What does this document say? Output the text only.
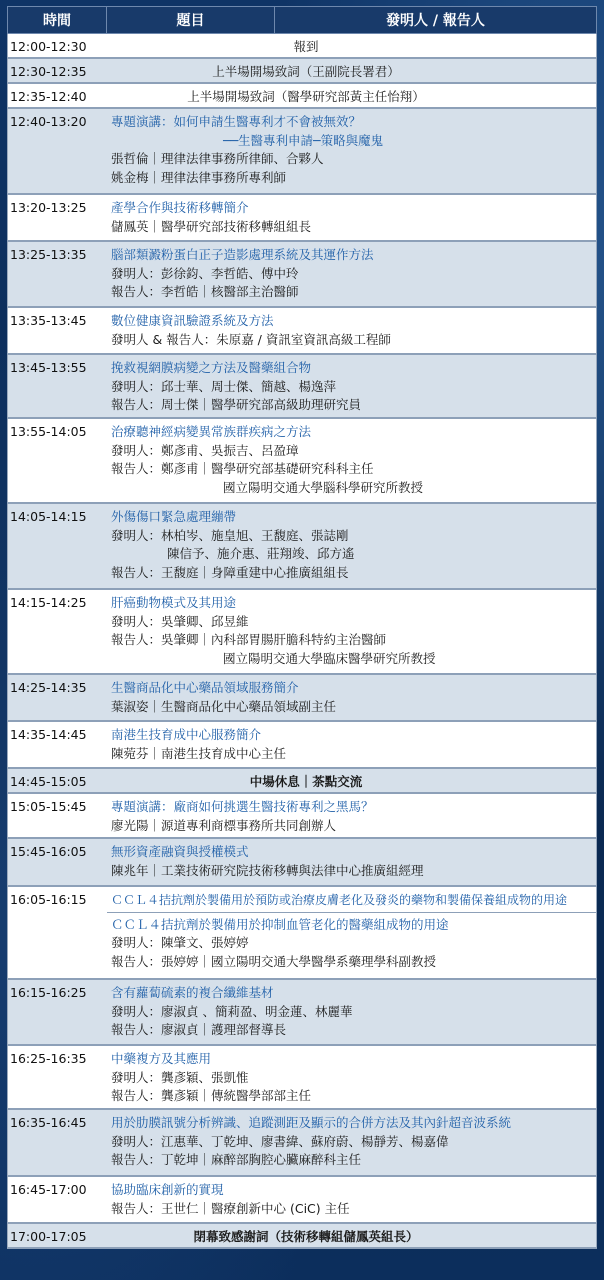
時間	題目	發明人 / 報告人
12:00-12:30	報到
12:30-12:35	上半場開場致詞（王副院長署君）
12:35-12:40	上半場開場致詞（醫學研究部黃主任怡翔）
12:40-13:20	專題演講：如何申請生醫專利才不會被無效？
──生醫專利申請─策略與魔鬼
張哲倫｜理律法律事務所律師、合夥人
姚金梅｜理律法律事務所專利師
13:20-13:25	產學合作與技術移轉簡介
儲鳳英｜醫學研究部技術移轉組組長
13:25-13:35	腦部類澱粉蛋白正子造影處理系統及其運作方法
發明人：彭徐鈞、李哲皓、傅中玲
報告人：李哲皓｜核醫部主治醫師
13:35-13:45	數位健康資訊驗證系統及方法
發明人 & 報告人：朱原嘉 / 資訊室資訊高級工程師
13:45-13:55	挽救視網膜病變之方法及醫藥組合物
發明人：邱士華、周士傑、簡越、楊逸萍
報告人：周士傑｜醫學研究部高級助理研究員
13:55-14:05	治療聽神經病變異常族群疾病之方法
發明人：鄭彥甫、吳振吉、呂盈璋
報告人：鄭彥甫｜醫學研究部基礎研究科科主任
國立陽明交通大學腦科學研究所教授
14:05-14:15	外傷傷口緊急處理繃帶
發明人：林柏岑、施皇旭、王馥庭、張誌剛
陳信予、施介惠、莊翔竣、邱方遙
報告人：王馥庭｜身障重建中心推廣組組長
14:15-14:25	肝癌動物模式及其用途
發明人：吳肇卿、邱昱維
報告人：吳肇卿｜內科部胃腸肝膽科特約主治醫師
國立陽明交通大學臨床醫學研究所教授
14:25-14:35	生醫商品化中心藥品領域服務簡介
葉淑姿｜生醫商品化中心藥品領域副主任
14:35-14:45	南港生技育成中心服務簡介
陳菀芬｜南港生技育成中心主任
14:45-15:05	中場休息｜茶點交流
15:05-15:45	專題演講：廠商如何挑選生醫技術專利之黑馬？
廖光陽｜源道專利商標事務所共同創辦人
15:45-16:05	無形資產融資與授權模式
陳兆年｜工業技術研究院技術移轉與法律中心推廣組經理
16:05-16:15	ＣＣＬ４拮抗劑於製備用於預防或治療皮膚老化及發炎的藥物和製備保養組成物的用途
ＣＣＬ４拮抗劑於製備用於抑制血管老化的醫藥組成物的用途
發明人：陳肇文、張婷婷
報告人：張婷婷｜國立陽明交通大學醫學系藥理學科副教授
16:15-16:25	含有蘿蔔硫素的複合纖維基材
發明人：廖淑貞 、簡莉盈、明金蓮、林麗華
報告人：廖淑貞｜護理部督導長
16:25-16:35	中藥複方及其應用
發明人：龔彥穎、張凱惟
報告人：龔彥穎｜傳統醫學部部主任
16:35-16:45	用於肋膜訊號分析辨識、追蹤測距及顯示的合併方法及其內針超音波系統
發明人：江惠華、丁乾坤、廖書緯、蘇府蔚、楊靜芳、楊嘉偉
報告人：丁乾坤｜麻醉部胸腔心臟麻醉科主任
16:45-17:00	協助臨床創新的實現
報告人：王世仁｜醫療創新中心 (CiC) 主任
17:00-17:05	閉幕致感謝詞（技術移轉組儲鳳英組長）
